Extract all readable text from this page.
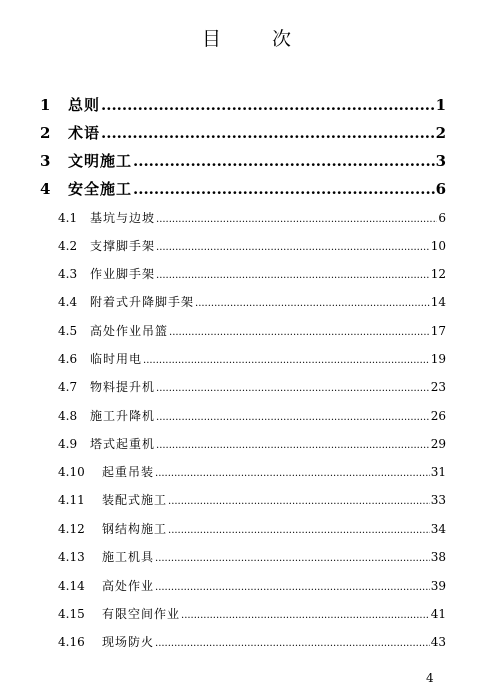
目　次
1	总则 .....	1
2	术语 .....	2
3	文明施工 .....	3
4	安全施工 .....	6
4.1	基坑与边坡 .....	6
4.2	支撑脚手架 .....	10
4.3	作业脚手架 .....	12
4.4	附着式升降脚手架 .....	14
4.5	高处作业吊篮 .....	17
4.6	临时用电 .....	19
4.7	物料提升机 .....	23
4.8	施工升降机 .....	26
4.9	塔式起重机 .....	29
4.10	起重吊装 .....	31
4.11	装配式施工 .....	33
4.12	钢结构施工 .....	34
4.13	施工机具 .....	38
4.14	高处作业 .....	39
4.15	有限空间作业 .....	41
4.16	现场防火 .....	43
4
